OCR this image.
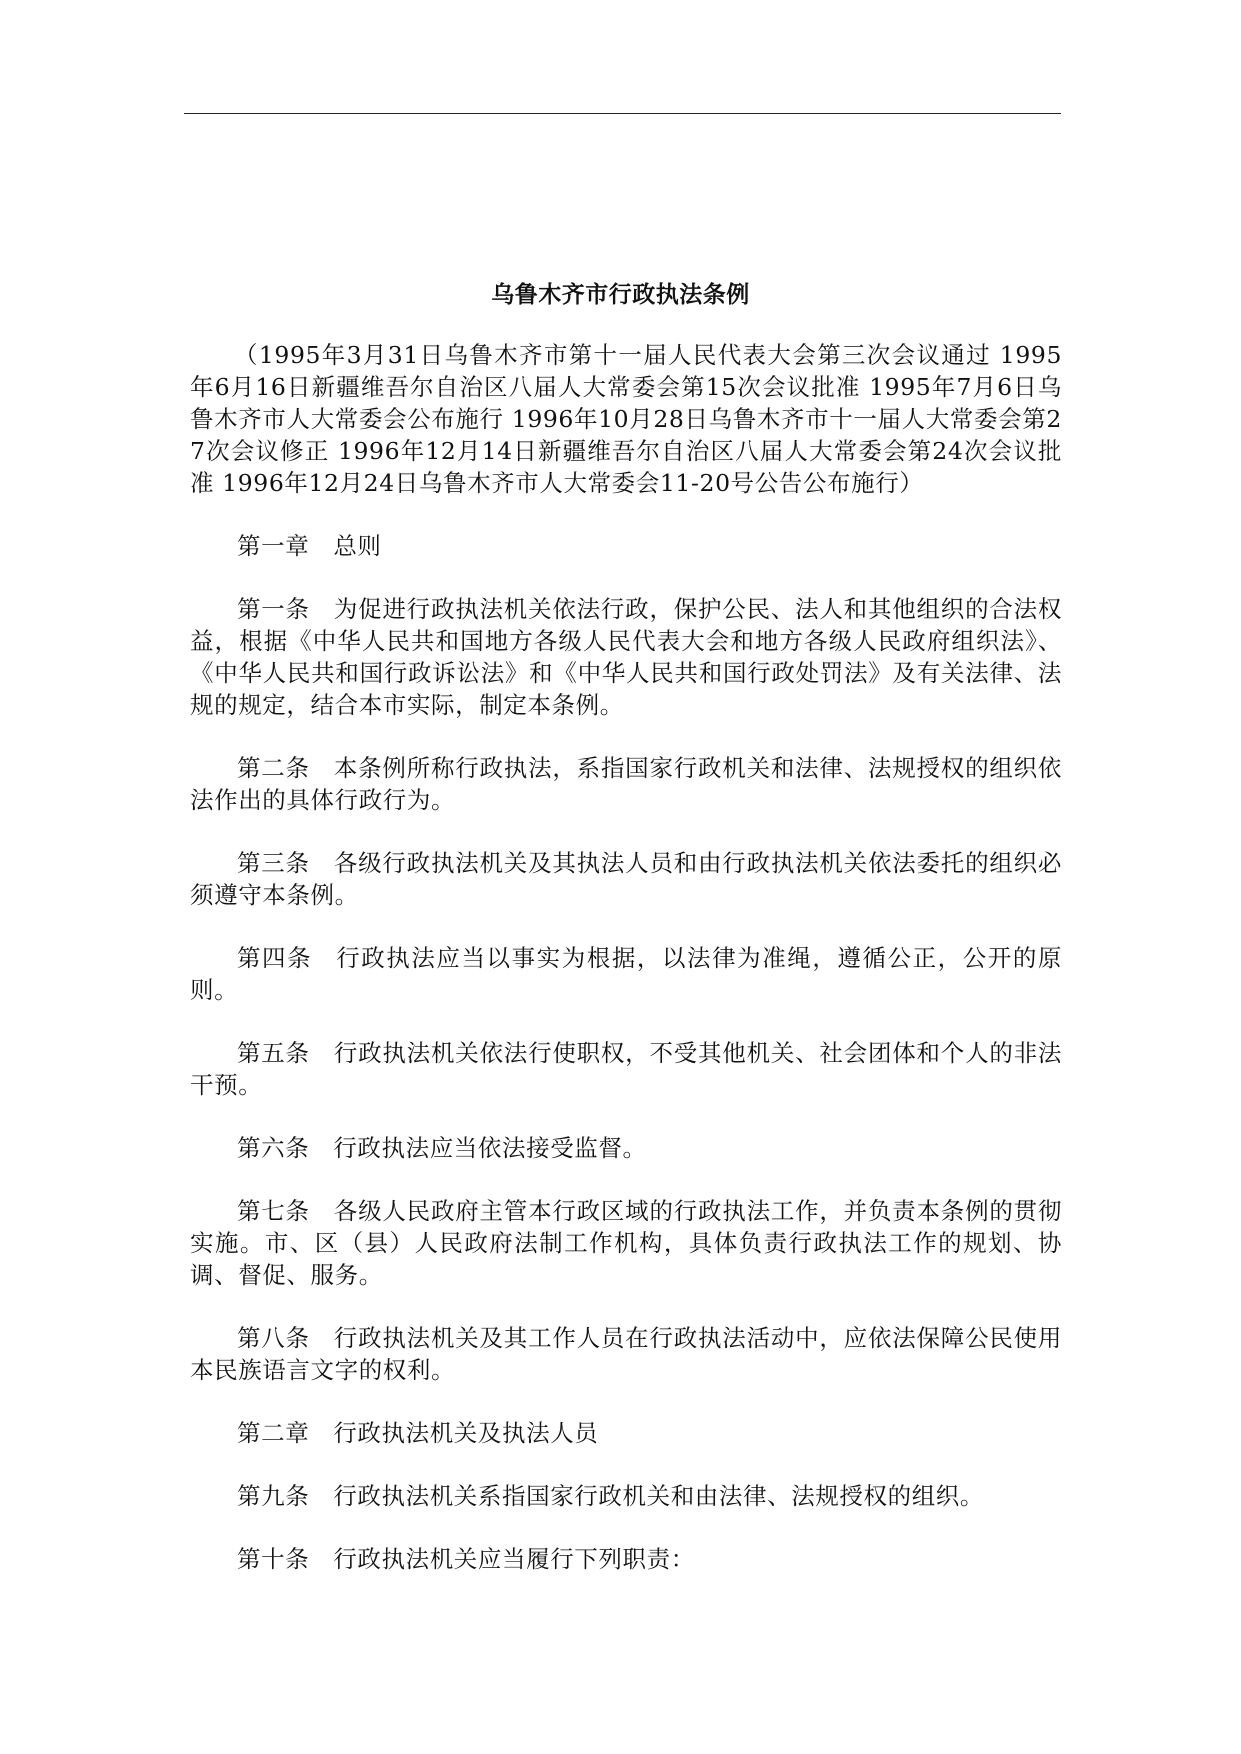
乌鲁木齐市行政执法条例

（1995年3月31日乌鲁木齐市第十一届人民代表大会第三次会议通过 1995年6月16日新疆维吾尔自治区八届人大常委会第15次会议批准 1995年7月6日乌鲁木齐市人大常委会公布施行 1996年10月28日乌鲁木齐市十一届人大常委会第27次会议修正 1996年12月14日新疆维吾尔自治区八届人大常委会第24次会议批准 1996年12月24日乌鲁木齐市人大常委会11-20号公告公布施行）

第一章 总则

第一条 为促进行政执法机关依法行政，保护公民、法人和其他组织的合法权益，根据《中华人民共和国地方各级人民代表大会和地方各级人民政府组织法》、《中华人民共和国行政诉讼法》和《中华人民共和国行政处罚法》及有关法律、法规的规定，结合本市实际，制定本条例。

第二条 本条例所称行政执法，系指国家行政机关和法律、法规授权的组织依法作出的具体行政行为。

第三条 各级行政执法机关及其执法人员和由行政执法机关依法委托的组织必须遵守本条例。

第四条 行政执法应当以事实为根据，以法律为准绳，遵循公正，公开的原则。

第五条 行政执法机关依法行使职权，不受其他机关、社会团体和个人的非法干预。

第六条 行政执法应当依法接受监督。

第七条 各级人民政府主管本行政区域的行政执法工作，并负责本条例的贯彻实施。市、区（县）人民政府法制工作机构，具体负责行政执法工作的规划、协调、督促、服务。

第八条 行政执法机关及其工作人员在行政执法活动中，应依法保障公民使用本民族语言文字的权利。

第二章 行政执法机关及执法人员

第九条 行政执法机关系指国家行政机关和由法律、法规授权的组织。

第十条 行政执法机关应当履行下列职责：
